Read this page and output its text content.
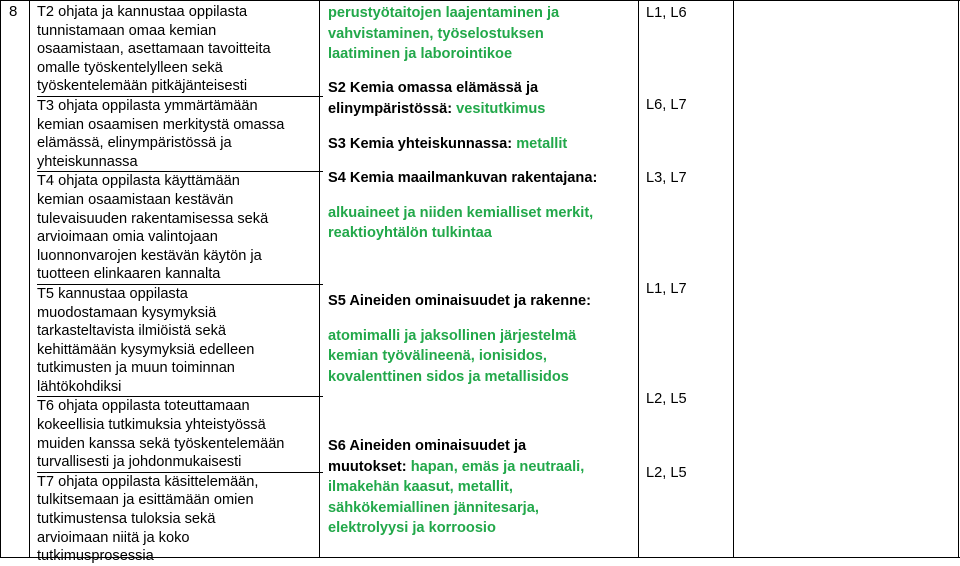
8 T2 ohjata ja kannustaa oppilasta
tunnistamaan omaa kemian
osaamistaan, asettamaan tavoitteita
omalle työskentelylleen sekä
työskentelemään pitkäjänteisesti
T3 ohjata oppilasta ymmärtämään
kemian osaamisen merkitystä omassa
elämässä, elinympäristössä ja
yhteiskunnassa
T4 ohjata oppilasta käyttämään
kemian osaamistaan kestävän
tulevaisuuden rakentamisessa sekä
arvioimaan omia valintojaan
luonnonvarojen kestävän käytön ja
tuotteen elinkaaren kannalta
T5 kannustaa oppilasta
muodostamaan kysymyksiä
tarkasteltavista ilmiöistä sekä
kehittämään kysymyksiä edelleen
tutkimusten ja muun toiminnan
lähtökohdiksi
T6 ohjata oppilasta toteuttamaan
kokeellisia tutkimuksia yhteistyössä
muiden kanssa sekä työskentelemään
turvallisesti ja johdonmukaisesti
T7 ohjata oppilasta käsittelemään,
tulkitsemaan ja esittämään omien
tutkimustensa tuloksia sekä
arvioimaan niitä ja koko
tutkimusprosessia
perustyötaitojen laajentaminen ja
vahvistaminen, työselostuksen
laatiminen ja laborointikoe
S2 Kemia omassa elämässä ja
elinympäristössä: vesitutkimus
S3 Kemia yhteiskunnassa: metallit
S4 Kemia maailmankuvan rakentajana:
alkuaineet ja niiden kemialliset merkit,
reaktioyhtälön tulkintaa
S5 Aineiden ominaisuudet ja rakenne:
atomimalli ja jaksollinen järjestelmä
kemian työvälineenä, ionisidos,
kovalenttinen sidos ja metallisidos
S6 Aineiden ominaisuudet ja
muutokset: hapan, emäs ja neutraali,
ilmakehän kaasut, metallit,
sähkökemiallinen jännitesarja,
elektrolyysi ja korroosio
L1, L6
L6, L7
L3, L7
L1, L7
L2, L5
L2, L5
